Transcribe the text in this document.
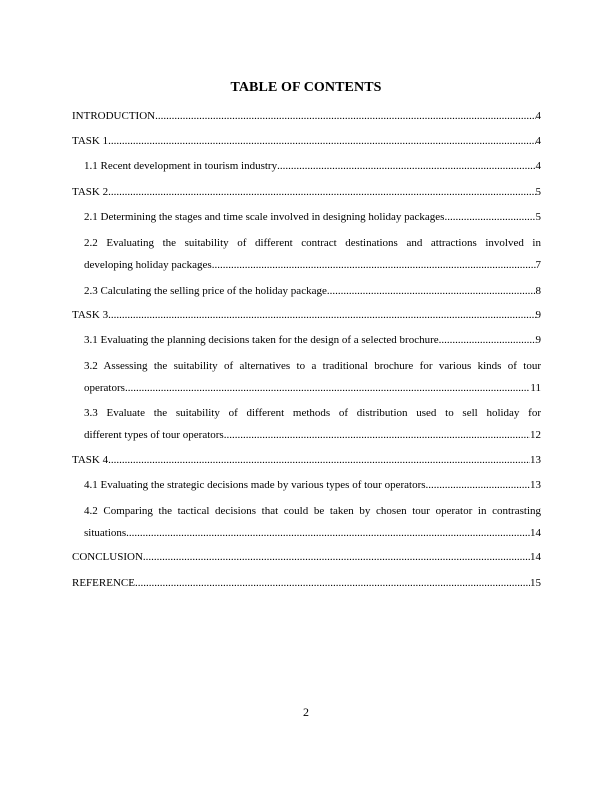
TABLE OF CONTENTS
INTRODUCTION .....	4
TASK 1 .....	4
1.1 Recent development in tourism industry .....	4
TASK 2 .....	5
2.1 Determining the stages and time scale involved in designing holiday packages .....	5
2.2 Evaluating the suitability of different contract destinations and attractions involved in
developing holiday packages .....	7
2.3 Calculating the selling price of the holiday package .....	8
TASK 3 .....	9
3.1 Evaluating the planning decisions taken for the design of a selected brochure .....	9
3.2 Assessing the suitability of alternatives to a traditional brochure for various kinds of tour
operators .....	11
3.3 Evaluate the suitability of different methods of distribution used to sell holiday for
different types of tour operators .....	12
TASK 4 .....	13
4.1 Evaluating the strategic decisions made by various types of tour operators .....	13
4.2 Comparing the tactical decisions that could be taken by chosen tour operator in contrasting
situations .....	14
CONCLUSION .....	14
REFERENCE .....	15
2
